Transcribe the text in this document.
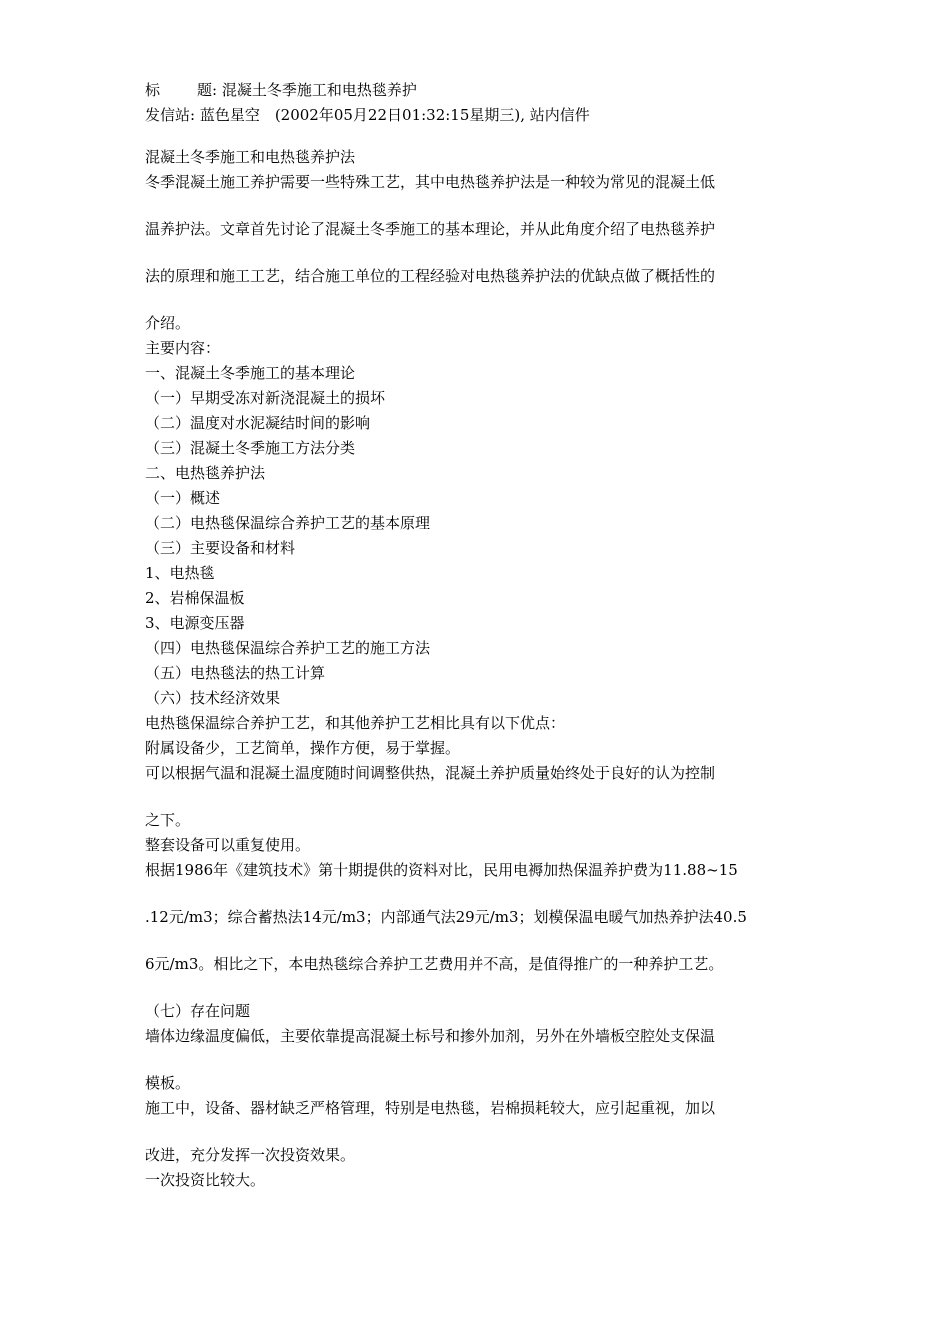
标 题: 混凝土冬季施工和电热毯养护
发信站: 蓝色星空　(2002年05月22日01:32:15星期三), 站内信件
混凝土冬季施工和电热毯养护法
冬季混凝土施工养护需要一些特殊工艺，其中电热毯养护法是一种较为常见的混凝土低
温养护法。文章首先讨论了混凝土冬季施工的基本理论，并从此角度介绍了电热毯养护
法的原理和施工工艺，结合施工单位的工程经验对电热毯养护法的优缺点做了概括性的
介绍。
主要内容：
一、混凝土冬季施工的基本理论
（一）早期受冻对新浇混凝土的损坏
（二）温度对水泥凝结时间的影响
（三）混凝土冬季施工方法分类
二、电热毯养护法
（一）概述
（二）电热毯保温综合养护工艺的基本原理
（三）主要设备和材料
1、电热毯
2、岩棉保温板
3、电源变压器
（四）电热毯保温综合养护工艺的施工方法
（五）电热毯法的热工计算
（六）技术经济效果
电热毯保温综合养护工艺，和其他养护工艺相比具有以下优点：
附属设备少，工艺简单，操作方便，易于掌握。
可以根据气温和混凝土温度随时间调整供热，混凝土养护质量始终处于良好的认为控制
之下。
整套设备可以重复使用。
根据1986年《建筑技术》第十期提供的资料对比，民用电褥加热保温养护费为11.88~15
.12元/m3；综合蓄热法14元/m3；内部通气法29元/m3；划模保温电暖气加热养护法40.5
6元/m3。相比之下，本电热毯综合养护工艺费用并不高，是值得推广的一种养护工艺。
（七）存在问题
墙体边缘温度偏低，主要依靠提高混凝土标号和掺外加剂，另外在外墙板空腔处支保温
模板。
施工中，设备、器材缺乏严格管理，特别是电热毯，岩棉损耗较大，应引起重视，加以
改进，充分发挥一次投资效果。
一次投资比较大。
